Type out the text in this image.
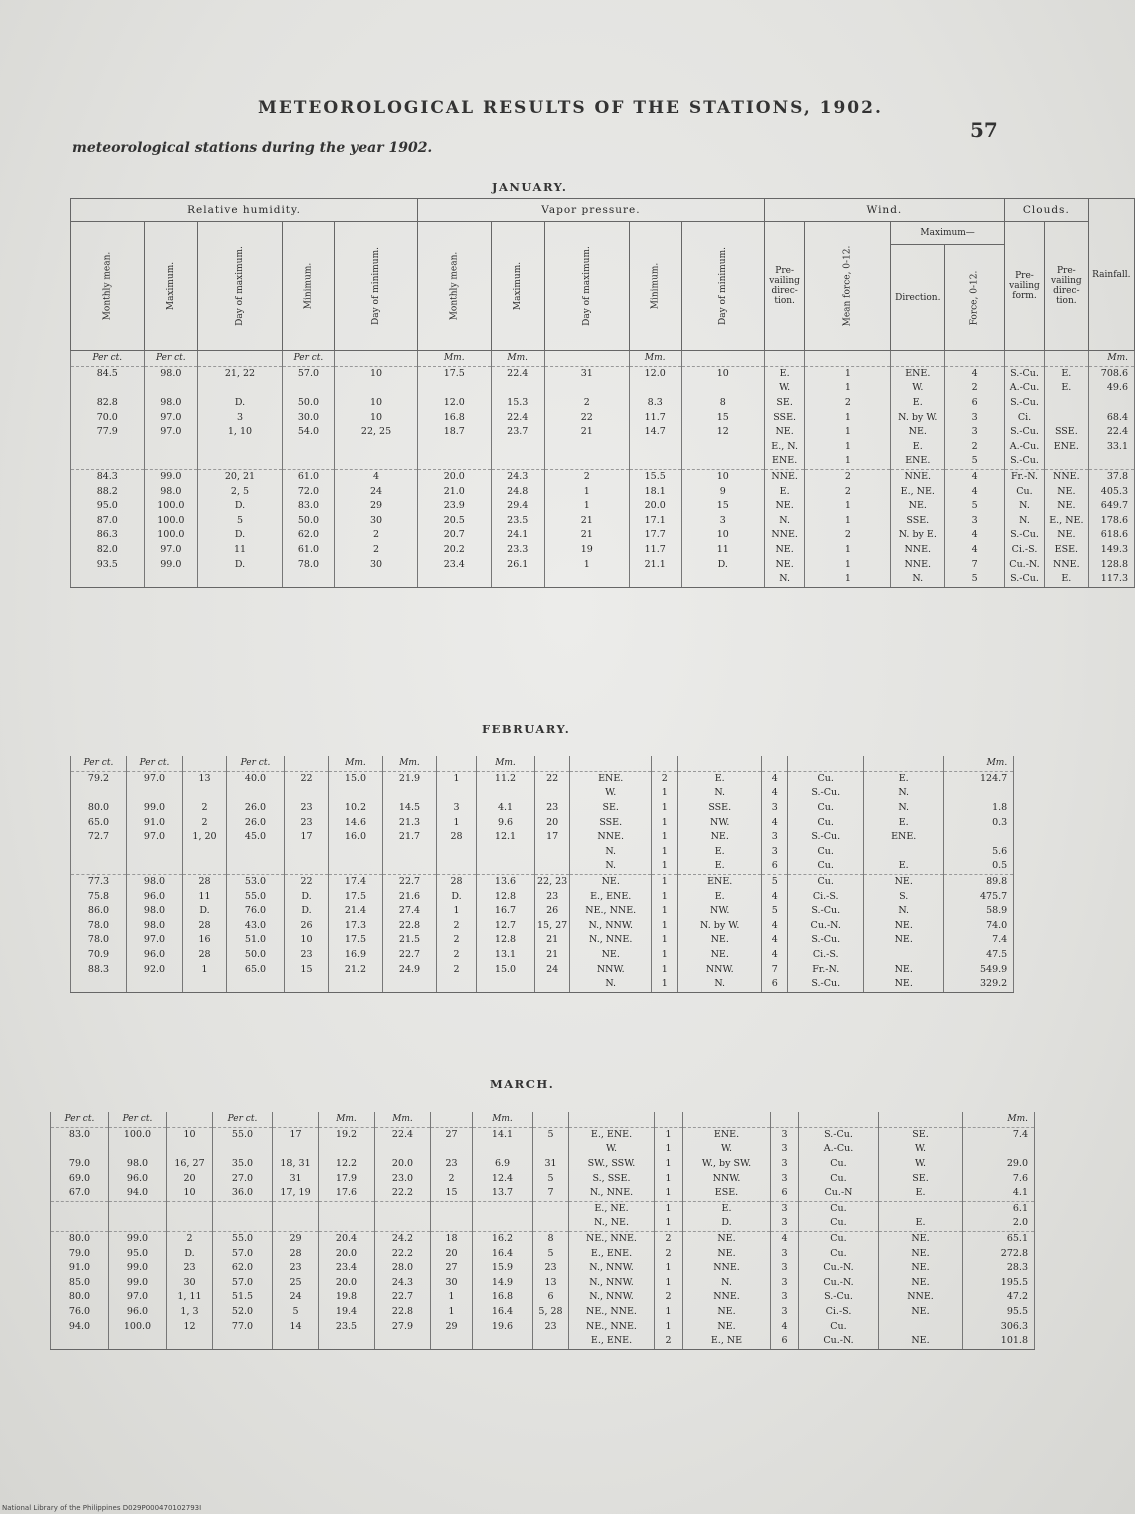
METEOROLOGICAL RESULTS OF THE STATIONS, 1902.
57
meteorological stations during the year 1902.
JANUARY.
FEBRUARY.
MARCH.
Relative humidity.					Vapor pressure.					Wind.				Clouds.		Rainfall.
Monthly mean.	Maximum.	Day of maximum.	Minimum.	Day of minimum.	Monthly mean.	Maximum.	Day of maximum.	Minimum.	Day of minimum.	Pre-vailing direc-tion.	Mean force, 0-12.	Maximum—		Pre-vailing form.	Pre-vailing direc-tion.	
												Direction.	Force, 0-12.			
Per ct.	Per ct.		Per ct.		Mm.	Mm.		Mm.								Mm.
84.5	98.0	21, 22	57.0	10	17.5	22.4	31	12.0	10	E.	1	ENE.	4	S.-Cu.	E.	708.6
										W.	1	W.	2	A.-Cu.	E.	49.6
82.8	98.0	D.	50.0	10	12.0	15.3	2	8.3	8	SE.	2	E.	6	S.-Cu.		
70.0	97.0	3	30.0	10	16.8	22.4	22	11.7	15	SSE.	1	N. by W.	3	Ci.		68.4
77.9	97.0	1, 10	54.0	22, 25	18.7	23.7	21	14.7	12	NE.	1	NE.	3	S.-Cu.	SSE.	22.4
										E., N.	1	E.	2	A.-Cu.	ENE.	33.1
										ENE.	1	ENE.	5	S.-Cu.		
84.3	99.0	20, 21	61.0	4	20.0	24.3	2	15.5	10	NNE.	2	NNE.	4	Fr.-N.	NNE.	37.8
88.2	98.0	2, 5	72.0	24	21.0	24.8	1	18.1	9	E.	2	E., NE.	4	Cu.	NE.	405.3
95.0	100.0	D.	83.0	29	23.9	29.4	1	20.0	15	NE.	1	NE.	5	N.	NE.	649.7
87.0	100.0	5	50.0	30	20.5	23.5	21	17.1	3	N.	1	SSE.	3	N.	E., NE.	178.6
86.3	100.0	D.	62.0	2	20.7	24.1	21	17.7	10	NNE.	2	N. by E.	4	S.-Cu.	NE.	618.6
82.0	97.0	11	61.0	2	20.2	23.3	19	11.7	11	NE.	1	NNE.	4	Ci.-S.	ESE.	149.3
93.5	99.0	D.	78.0	30	23.4	26.1	1	21.1	D.	NE.	1	NNE.	7	Cu.-N.	NNE.	128.8
										N.	1	N.	5	S.-Cu.	E.	117.3
Per ct.	Per ct.		Per ct.		Mm.	Mm.		Mm.								Mm.
79.2	97.0	13	40.0	22	15.0	21.9	1	11.2	22	ENE.	2	E.	4	Cu.	E.	124.7
										W.	1	N.	4	S.-Cu.	N.	
80.0	99.0	2	26.0	23	10.2	14.5	3	4.1	23	SE.	1	SSE.	3	Cu.	N.	1.8
65.0	91.0	2	26.0	23	14.6	21.3	1	9.6	20	SSE.	1	NW.	4	Cu.	E.	0.3
72.7	97.0	1, 20	45.0	17	16.0	21.7	28	12.1	17	NNE.	1	NE.	3	S.-Cu.	ENE.	
										N.	1	E.	3	Cu.		5.6
										N.	1	E.	6	Cu.	E.	0.5
77.3	98.0	28	53.0	22	17.4	22.7	28	13.6	22, 23	NE.	1	ENE.	5	Cu.	NE.	89.8
75.8	96.0	11	55.0	D.	17.5	21.6	D.	12.8	23	E., ENE.	1	E.	4	Ci.-S.	S.	475.7
86.0	98.0	D.	76.0	D.	21.4	27.4	1	16.7	26	NE., NNE.	1	NW.	5	S.-Cu.	N.	58.9
78.0	98.0	28	43.0	26	17.3	22.8	2	12.7	15, 27	N., NNW.	1	N. by W.	4	Cu.-N.	NE.	74.0
78.0	97.0	16	51.0	10	17.5	21.5	2	12.8	21	N., NNE.	1	NE.	4	S.-Cu.	NE.	7.4
70.9	96.0	28	50.0	23	16.9	22.7	2	13.1	21	NE.	1	NE.	4	Ci.-S.		47.5
88.3	92.0	1	65.0	15	21.2	24.9	2	15.0	24	NNW.	1	NNW.	7	Fr.-N.	NE.	549.9
										N.	1	N.	6	S.-Cu.	NE.	329.2
Per ct.	Per ct.		Per ct.		Mm.	Mm.		Mm.								Mm.
83.0	100.0	10	55.0	17	19.2	22.4	27	14.1	5	E., ENE.	1	ENE.	3	S.-Cu.	SE.	7.4
										W.	1	W.	3	A.-Cu.	W.	
79.0	98.0	16, 27	35.0	18, 31	12.2	20.0	23	6.9	31	SW., SSW.	1	W., by SW.	3	Cu.	W.	29.0
69.0	96.0	20	27.0	31	17.9	23.0	2	12.4	5	S., SSE.	1	NNW.	3	Cu.	SE.	7.6
67.0	94.0	10	36.0	17, 19	17.6	22.2	15	13.7	7	N., NNE.	1	ESE.	6	Cu.-N	E.	4.1
										E., NE.	1	E.	3	Cu.		6.1
										N., NE.	1	D.	3	Cu.	E.	2.0
80.0	99.0	2	55.0	29	20.4	24.2	18	16.2	8	NE., NNE.	2	NE.	4	Cu.	NE.	65.1
79.0	95.0	D.	57.0	28	20.0	22.2	20	16.4	5	E., ENE.	2	NE.	3	Cu.	NE.	272.8
91.0	99.0	23	62.0	23	23.4	28.0	27	15.9	23	N., NNW.	1	NNE.	3	Cu.-N.	NE.	28.3
85.0	99.0	30	57.0	25	20.0	24.3	30	14.9	13	N., NNW.	1	N.	3	Cu.-N.	NE.	195.5
80.0	97.0	1, 11	51.5	24	19.8	22.7	1	16.8	6	N., NNW.	2	NNE.	3	S.-Cu.	NNE.	47.2
76.0	96.0	1, 3	52.0	5	19.4	22.8	1	16.4	5, 28	NE., NNE.	1	NE.	3	Ci.-S.	NE.	95.5
94.0	100.0	12	77.0	14	23.5	27.9	29	19.6	23	NE., NNE.	1	NE.	4	Cu.		306.3
										E., ENE.	2	E., NE	6	Cu.-N.	NE.	101.8
National Library of the Philippines D029P000470102793I
